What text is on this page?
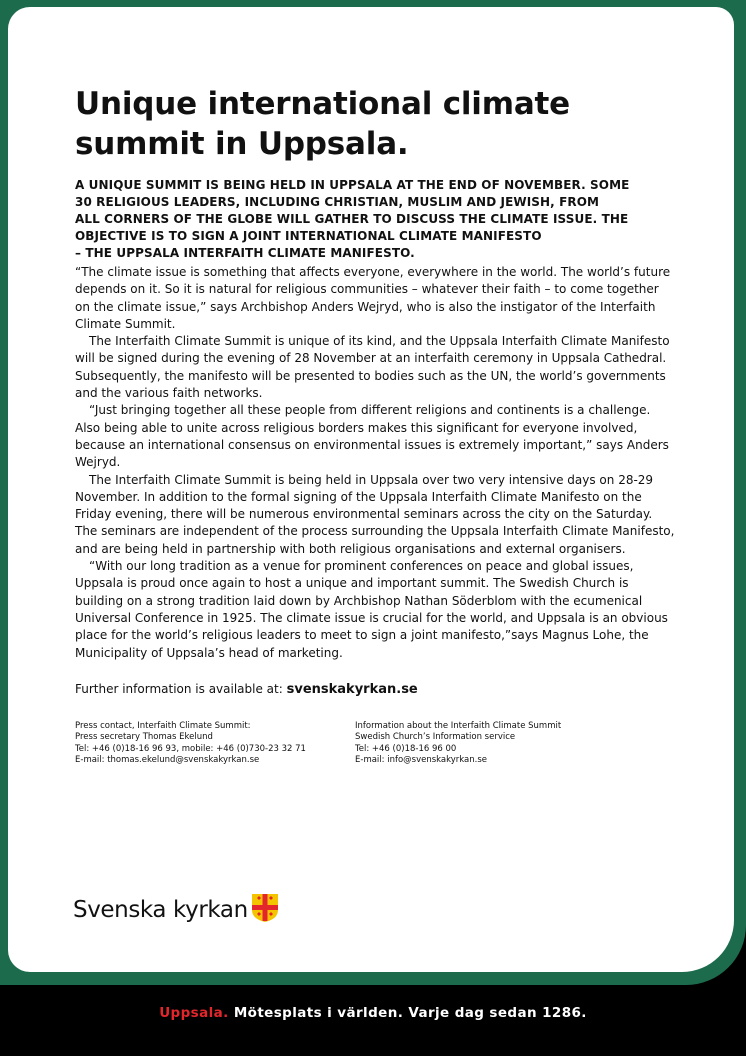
Unique international climate
summit in Uppsala.
A UNIQUE SUMMIT IS BEING HELD IN UPPSALA AT THE END OF NOVEMBER. SOME
30 RELIGIOUS LEADERS, INCLUDING CHRISTIAN, MUSLIM AND JEWISH, FROM
ALL CORNERS OF THE GLOBE WILL GATHER TO DISCUSS THE CLIMATE ISSUE. THE
OBJECTIVE IS TO SIGN A JOINT INTERNATIONAL CLIMATE MANIFESTO
– THE UPPSALA INTERFAITH CLIMATE MANIFESTO.

“The climate issue is something that affects everyone, everywhere in the world. The world’s future depends on it. So it is natural for religious communities – whatever their faith – to come together on the climate issue,” says Archbishop Anders Wejryd, who is also the instigator of the Interfaith Climate Summit.

The Interfaith Climate Summit is unique of its kind, and the Uppsala Interfaith Climate Manifesto will be signed during the evening of 28 November at an interfaith ceremony in Uppsala Cathedral. Subsequently, the manifesto will be presented to bodies such as the UN, the world’s governments and the various faith networks.

“Just bringing together all these people from different religions and continents is a challenge. Also being able to unite across religious borders makes this significant for everyone involved, because an international consensus on environmental issues is extremely important,” says Anders Wejryd.

The Interfaith Climate Summit is being held in Uppsala over two very intensive days on 28-29 November. In addition to the formal signing of the Uppsala Interfaith Climate Manifesto on the Friday evening, there will be numerous environmental seminars across the city on the Saturday. The seminars are independent of the process surrounding the Uppsala Interfaith Climate Manifesto, and are being held in partnership with both religious organisations and external organisers.

“With our long tradition as a venue for prominent conferences on peace and global issues, Uppsala is proud once again to host a unique and important summit. The Swedish Church is building on a strong tradition laid down by Archbishop Nathan Söderblom with the ecumenical Universal Conference in 1925. The climate issue is crucial for the world, and Uppsala is an obvious place for the world’s religious leaders to meet to sign a joint manifesto,”says Magnus Lohe, the Municipality of Uppsala’s head of marketing.

Further information is available at: svenskakyrkan.se
Press contact, Interfaith Climate Summit:
Press secretary Thomas Ekelund
Tel: +46 (0)18-16 96 93, mobile: +46 (0)730-23 32 71
E-mail: thomas.ekelund@svenskakyrkan.se
Information about the Interfaith Climate Summit
Swedish Church’s Information service
Tel: +46 (0)18-16 96 00
E-mail: info@svenskakyrkan.se
Svenska kyrkan
Uppsala. Mötesplats i världen. Varje dag sedan 1286.
